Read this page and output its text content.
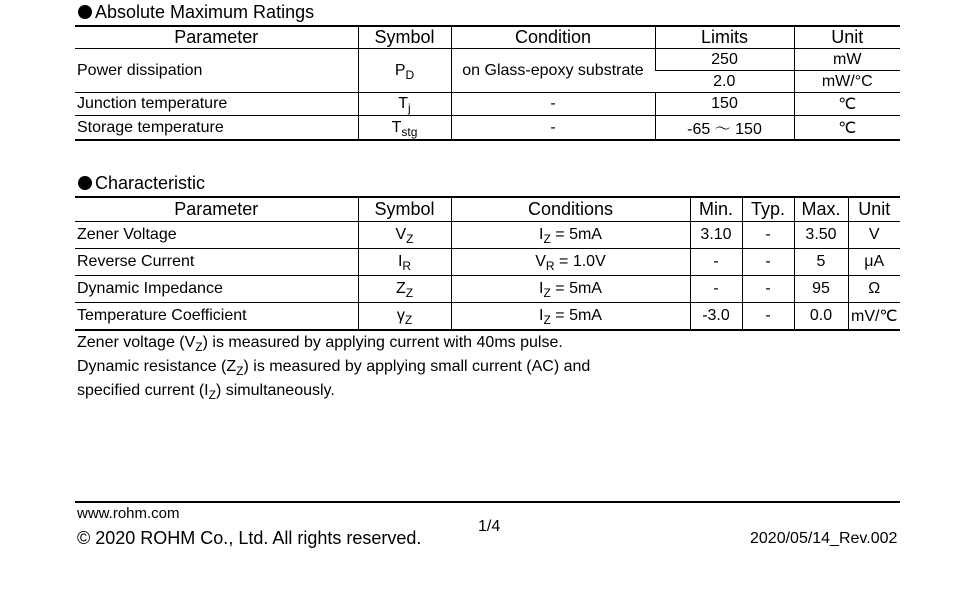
Absolute Maximum Ratings
Parameter	Symbol	Condition	Limits	Unit
Power dissipation	$P_D$	on Glass-epoxy substrate	250	mW
			2.0	mW/°C
Junction temperature	$T_j$	-	150	℃
Storage temperature	$T_{stg}$	-	-65 ～ 150	℃
Characteristic
Parameter	Symbol	Conditions	Min.	Typ.	Max.	Unit
Zener Voltage	$V_Z$	$I_Z = 5mA$	3.10	-	3.50	V
Reverse Current	$I_R$	$V_R = 1.0V$	-	-	5	μA
Dynamic Impedance	$Z_Z$	$I_Z = 5mA$	-	-	95	Ω
Temperature Coefficient	$\gamma_Z$	$I_Z = 5mA$	-3.0	-	0.0	mV/℃
Zener voltage $(V_Z)$ is measured by applying current with 40ms pulse.
Dynamic resistance $(Z_Z)$ is measured by applying small current (AC) and
specified current $(I_Z)$ simultaneously.
www.rohm.com
© 2020 ROHM Co., Ltd. All rights reserved.
1/4
2020/05/14_Rev.002
